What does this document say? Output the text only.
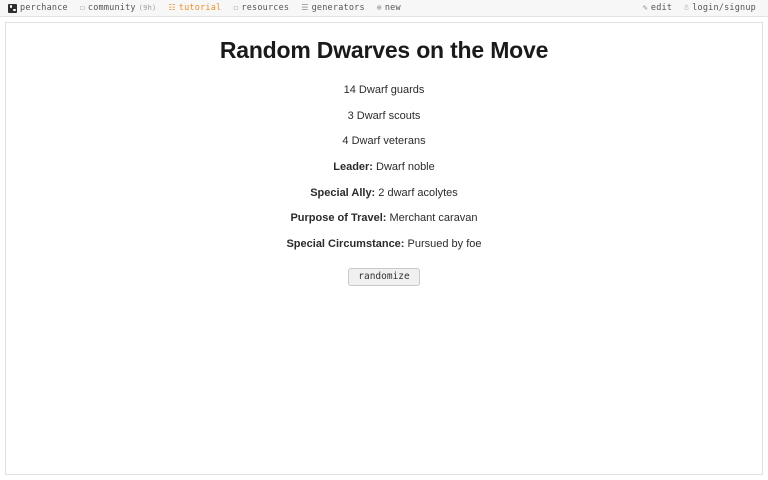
perchance ☐ community (9h) ☷ tutorial ☐ resources ☰ generators ⊕ new	✎ edit ☃ login/signup
Random Dwarves on the Move
14 Dwarf guards
3 Dwarf scouts
4 Dwarf veterans
Leader: Dwarf noble
Special Ally: 2 dwarf acolytes
Purpose of Travel: Merchant caravan
Special Circumstance: Pursued by foe
randomize
